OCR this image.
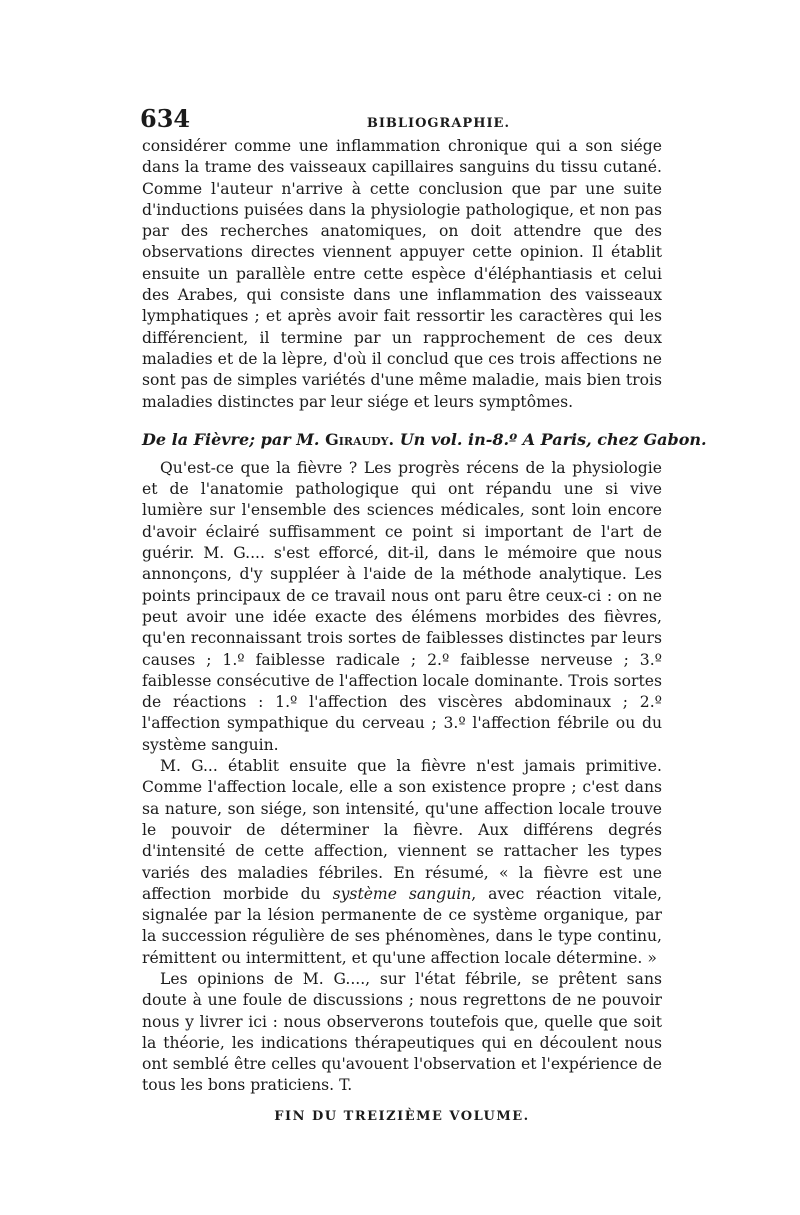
634	BIBLIOGRAPHIE.

considérer comme une inflammation chronique qui a son siége dans la trame des vaisseaux capillaires sanguins du tissu cutané. Comme l'auteur n'arrive à cette conclusion que par une suite d'inductions puisées dans la physiologie pathologique, et non pas par des recherches anatomiques, on doit attendre que des observations directes viennent appuyer cette opinion. Il établit ensuite un parallèle entre cette espèce d'éléphantiasis et celui des Arabes, qui consiste dans une inflammation des vaisseaux lymphatiques ; et après avoir fait ressortir les caractères qui les différencient, il termine par un rapprochement de ces deux maladies et de la lèpre, d'où il conclud que ces trois affections ne sont pas de simples variétés d'une même maladie, mais bien trois maladies distinctes par leur siége et leurs symptômes.

De la Fièvre; par M. Giraudy. Un vol. in-8.º A Paris, chez Gabon.

Qu'est-ce que la fièvre ? Les progrès récens de la physiologie et de l'anatomie pathologique qui ont répandu une si vive lumière sur l'ensemble des sciences médicales, sont loin encore d'avoir éclairé suffisamment ce point si important de l'art de guérir. M. G.... s'est efforcé, dit-il, dans le mémoire que nous annonçons, d'y suppléer à l'aide de la méthode analytique. Les points principaux de ce travail nous ont paru être ceux-ci : on ne peut avoir une idée exacte des élémens morbides des fièvres, qu'en reconnaissant trois sortes de faiblesses distinctes par leurs causes ; 1.º faiblesse radicale ; 2.º faiblesse nerveuse ; 3.º faiblesse consécutive de l'affection locale dominante. Trois sortes de réactions : 1.º l'affection des viscères abdominaux ; 2.º l'affection sympathique du cerveau ; 3.º l'affection fébrile ou du système sanguin.

M. G... établit ensuite que la fièvre n'est jamais primitive. Comme l'affection locale, elle a son existence propre ; c'est dans sa nature, son siége, son intensité, qu'une affection locale trouve le pouvoir de déterminer la fièvre. Aux différens degrés d'intensité de cette affection, viennent se rattacher les types variés des maladies fébriles. En résumé, « la fièvre est une affection morbide du système sanguin, avec réaction vitale, signalée par la lésion permanente de ce système organique, par la succession régulière de ses phénomènes, dans le type continu, rémittent ou intermittent, et qu'une affection locale détermine. »

Les opinions de M. G...., sur l'état fébrile, se prêtent sans doute à une foule de discussions ; nous regrettons de ne pouvoir nous y livrer ici : nous observerons toutefois que, quelle que soit la théorie, les indications thérapeutiques qui en découlent nous ont semblé être celles qu'avouent l'observation et l'expérience de tous les bons praticiens. T.

FIN DU TREIZIÈME VOLUME.
